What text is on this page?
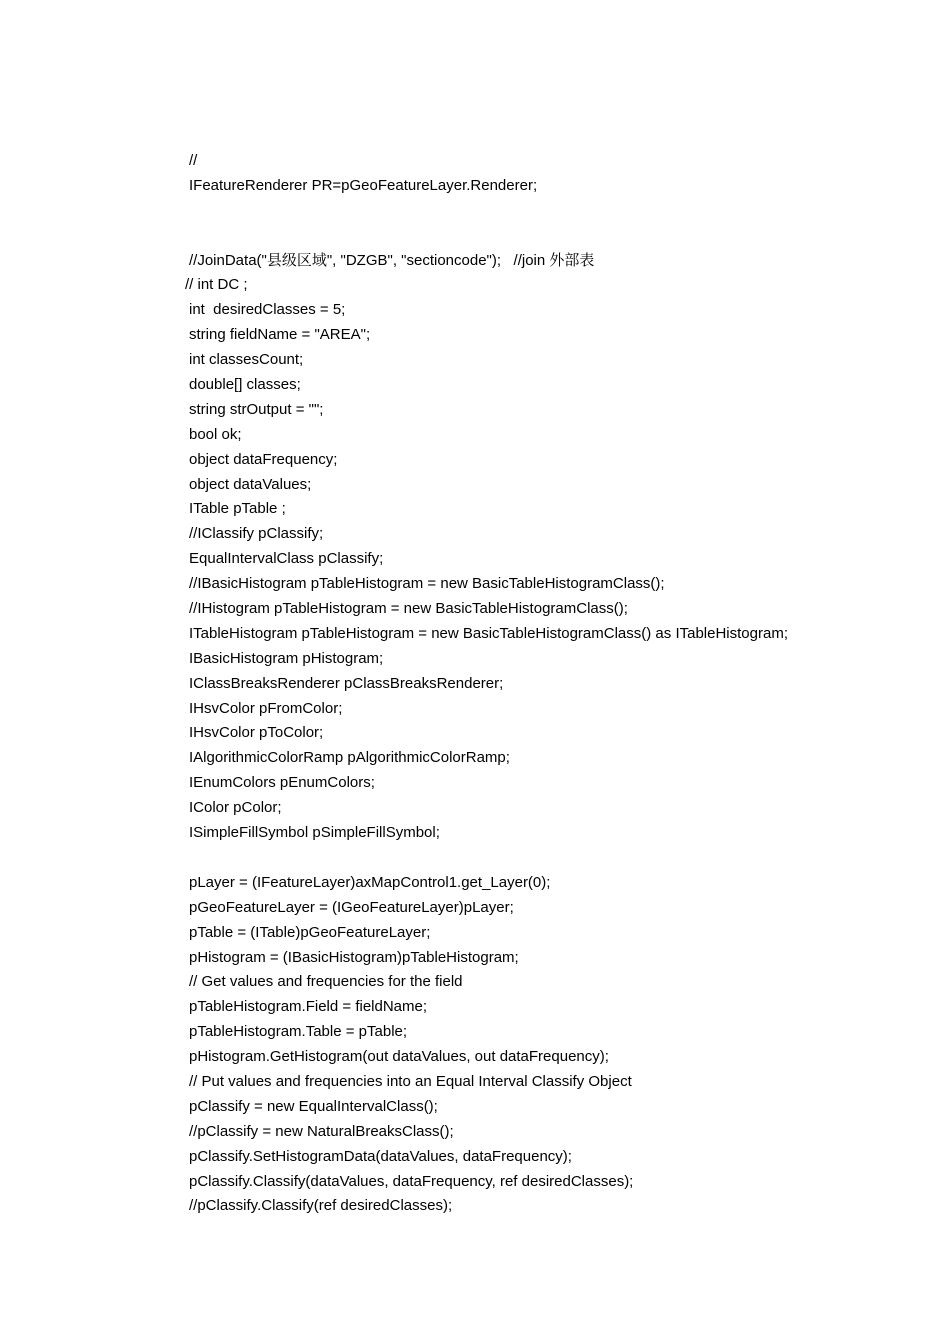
//
IFeatureRenderer PR=pGeoFeatureLayer.Renderer;
//JoinData("县级区域", "DZGB", "sectioncode");   //join 外部表
// int DC ;
int  desiredClasses = 5;
string fieldName = "AREA";
int classesCount;
double[] classes;
string strOutput = "";
bool ok;
object dataFrequency;
object dataValues;
ITable pTable ;
//IClassify pClassify;
EqualIntervalClass pClassify;
//IBasicHistogram pTableHistogram = new BasicTableHistogramClass();
//IHistogram pTableHistogram = new BasicTableHistogramClass();
ITableHistogram pTableHistogram = new BasicTableHistogramClass() as ITableHistogram;
IBasicHistogram pHistogram;
IClassBreaksRenderer pClassBreaksRenderer;
IHsvColor pFromColor;
IHsvColor pToColor;
IAlgorithmicColorRamp pAlgorithmicColorRamp;
IEnumColors pEnumColors;
IColor pColor;
ISimpleFillSymbol pSimpleFillSymbol;
pLayer = (IFeatureLayer)axMapControl1.get_Layer(0);
pGeoFeatureLayer = (IGeoFeatureLayer)pLayer;
pTable = (ITable)pGeoFeatureLayer;
pHistogram = (IBasicHistogram)pTableHistogram;
// Get values and frequencies for the field
pTableHistogram.Field = fieldName;
pTableHistogram.Table = pTable;
pHistogram.GetHistogram(out dataValues, out dataFrequency);
// Put values and frequencies into an Equal Interval Classify Object
pClassify = new EqualIntervalClass();
//pClassify = new NaturalBreaksClass();
pClassify.SetHistogramData(dataValues, dataFrequency);
pClassify.Classify(dataValues, dataFrequency, ref desiredClasses);
//pClassify.Classify(ref desiredClasses);
